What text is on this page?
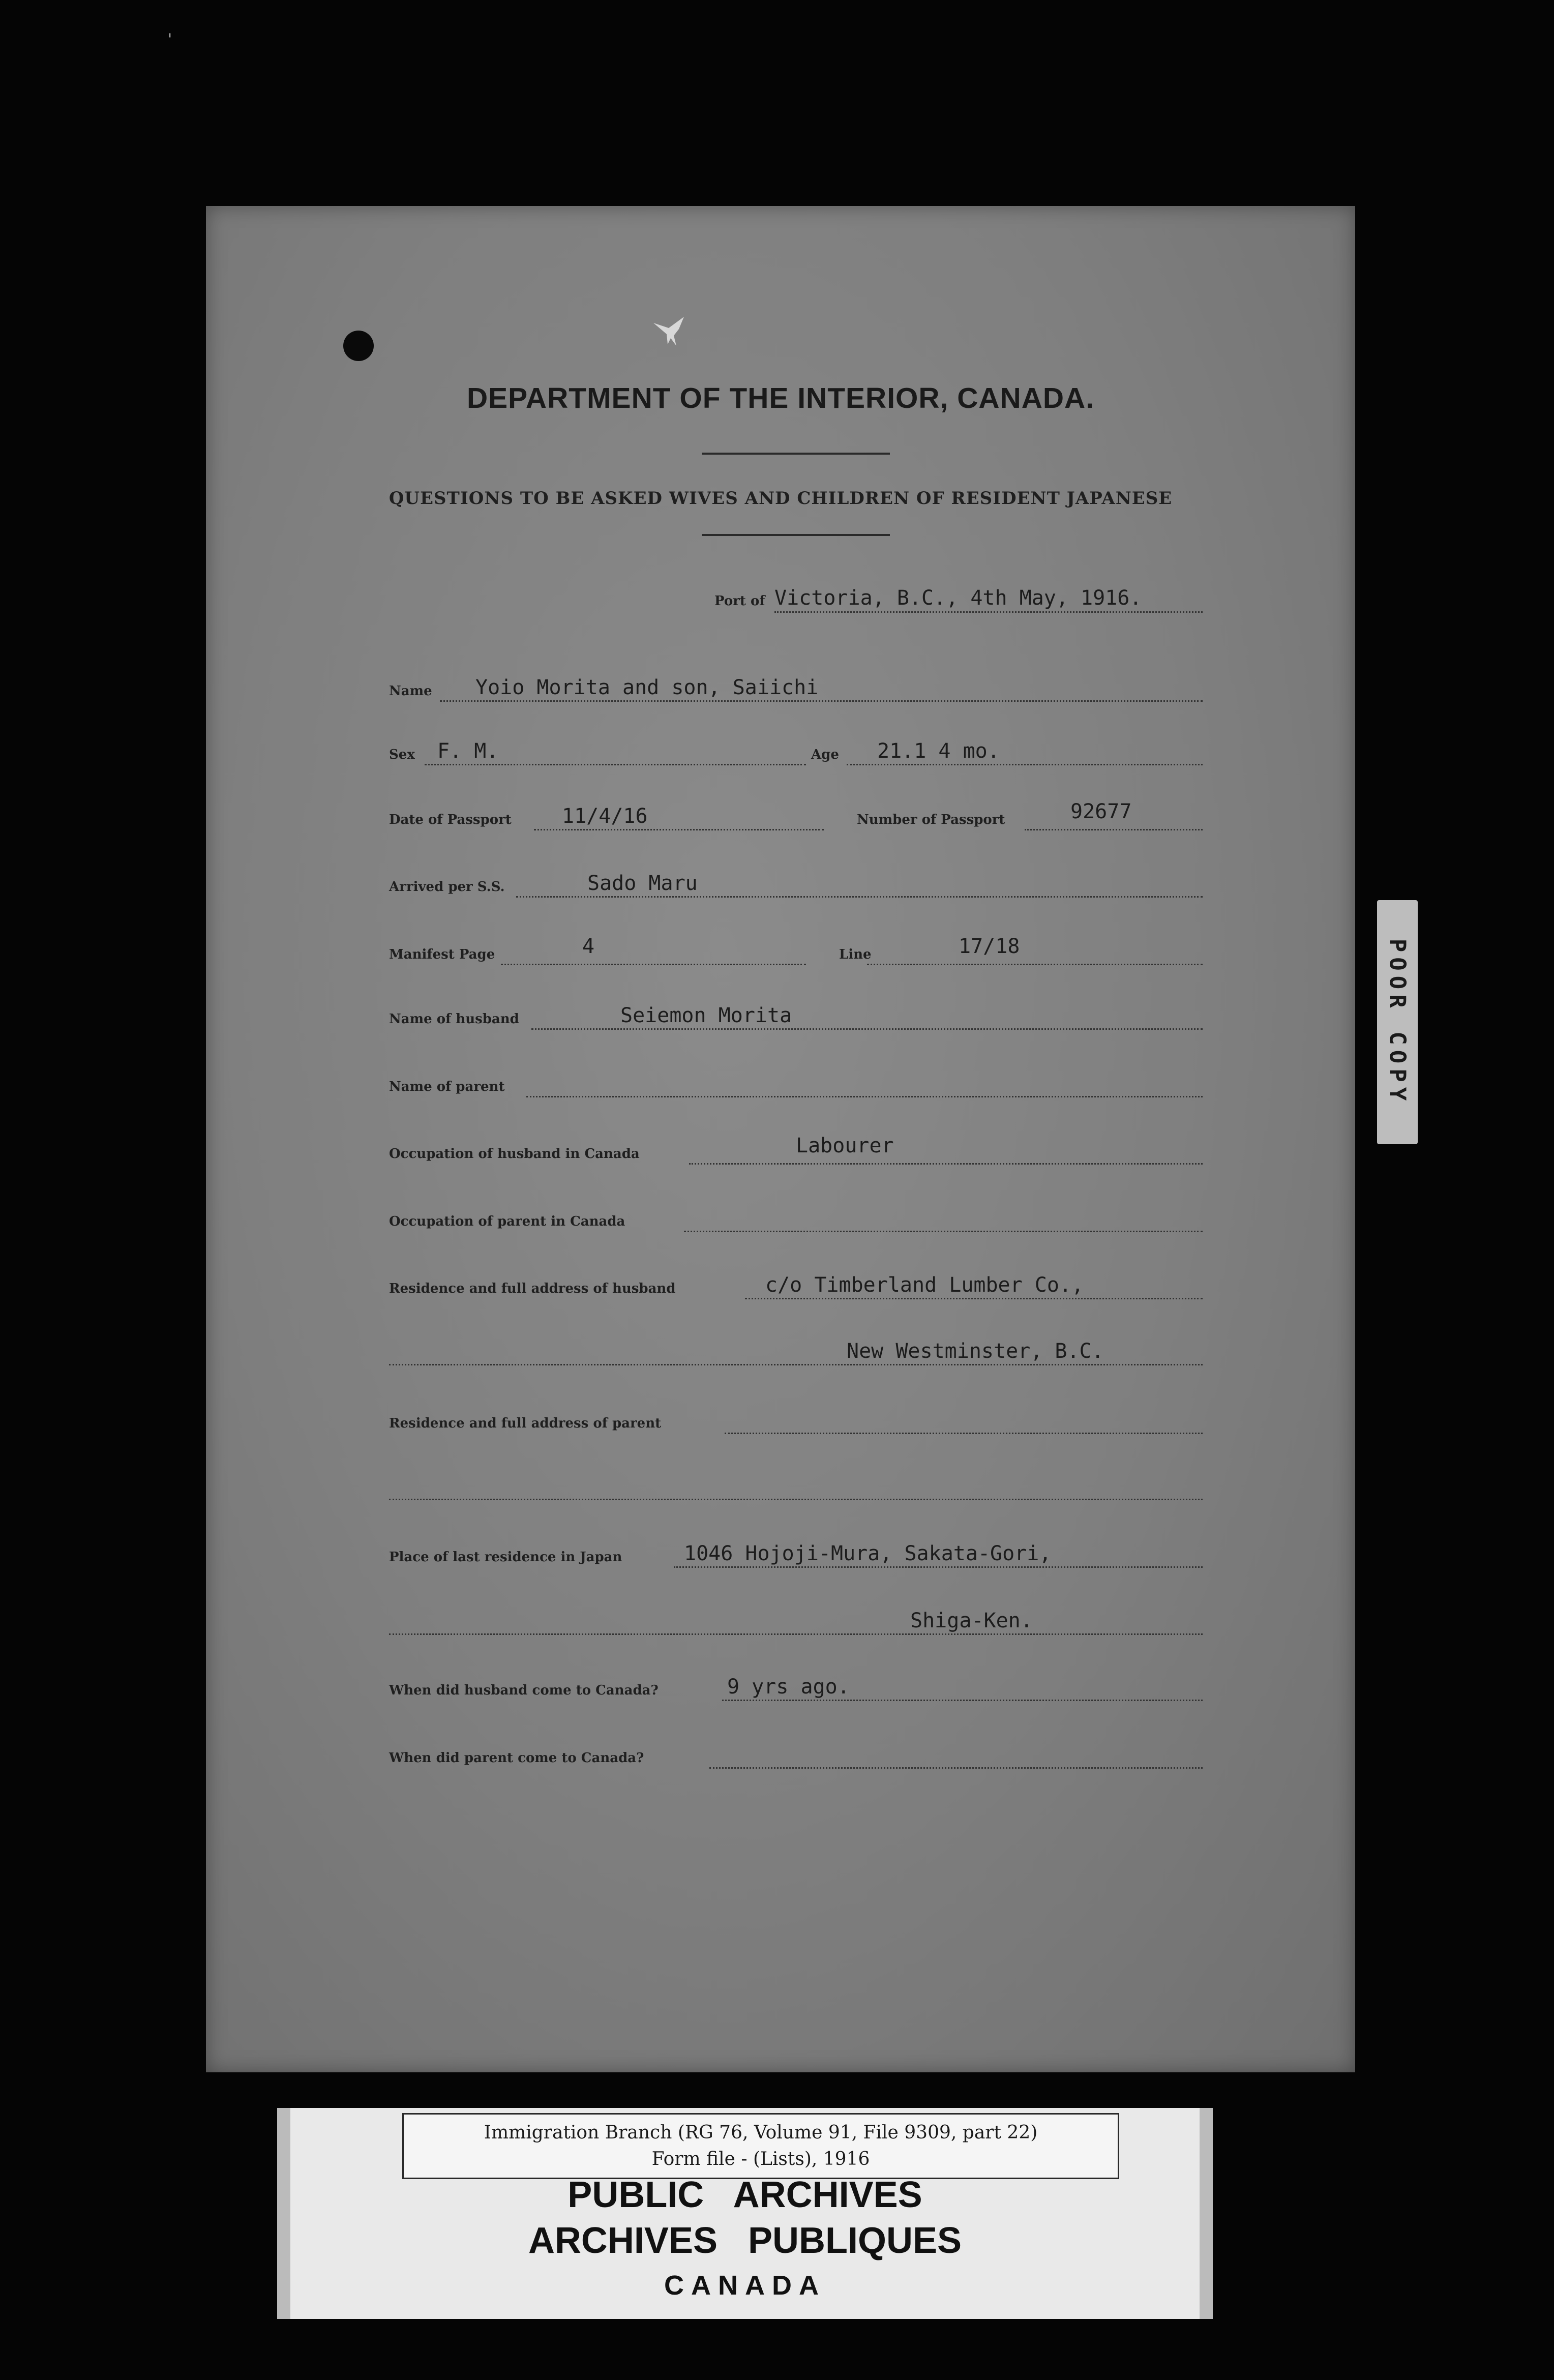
DEPARTMENT OF THE INTERIOR, CANADA.
QUESTIONS TO BE ASKED WIVES AND CHILDREN OF RESIDENT JAPANESE
Port of Victoria, B.C., 4th May, 1916.
Name Yoio Morita and son, Saiichi
Sex F. M.	Age 21.1 4 mo.
Date of Passport 11/4/16	Number of Passport	92677
Arrived per S.S.	Sado Maru
Manifest Page	4	Line	17/18
Name of husband	Seiemon Morita
Name of parent
Occupation of husband in Canada	Labourer
Occupation of parent in Canada
Residence and full address of husband	c/o Timberland Lumber Co.,
New Westminster, B.C.
Residence and full address of parent
Place of last residence in Japan	1046 Hojoji-Mura, Sakata-Gori,
Shiga-Ken.
When did husband come to Canada?	9 yrs ago.
When did parent come to Canada?
POOR COPY
'
Immigration Branch (RG 76, Volume 91, File 9309, part 22)
Form file - (Lists), 1916
PUBLIC   ARCHIVES
ARCHIVES   PUBLIQUES
CANADA
